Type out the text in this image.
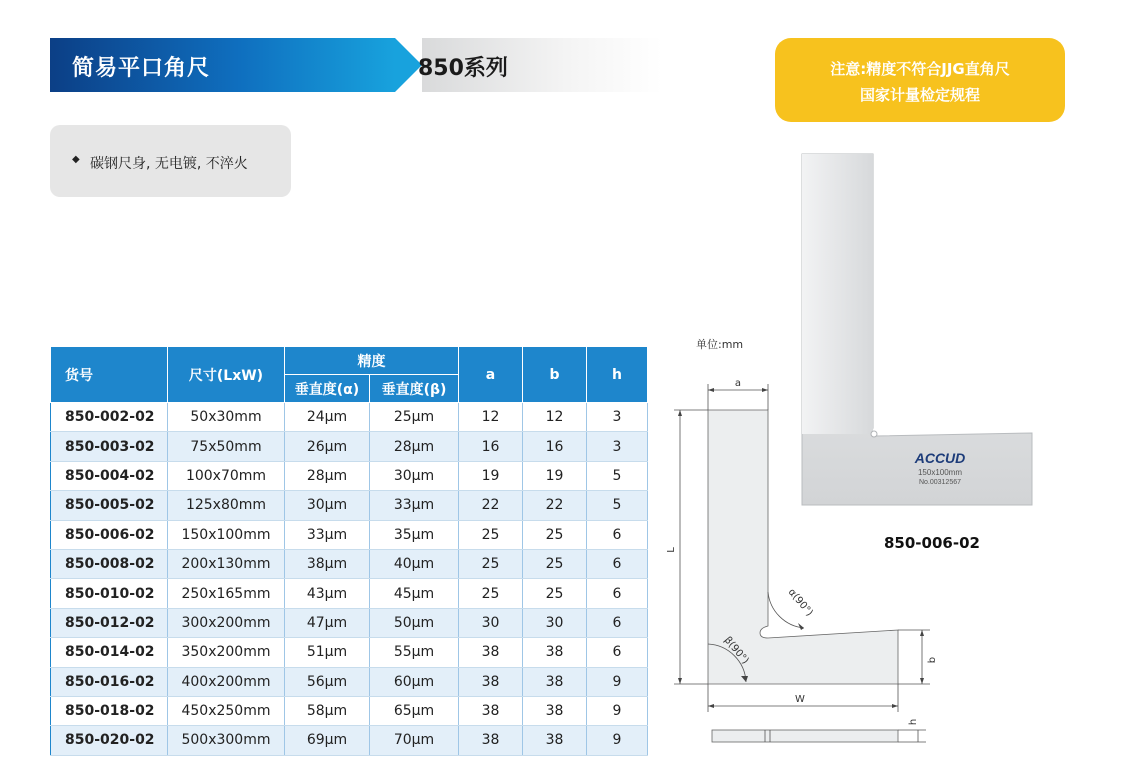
简易平口角尺	850系列	注意:精度不符合JJG直角尺
国家计量检定规程
◆ 碳钢尺身, 无电镀, 不淬火
货号	尺寸(LxW)	精度		a	b	h
		垂直度(α)	垂直度(β)			
850-002-02	50x30mm	24μm	25μm	12	12	3
850-003-02	75x50mm	26μm	28μm	16	16	3
850-004-02	100x70mm	28μm	30μm	19	19	5
850-005-02	125x80mm	30μm	33μm	22	22	5
850-006-02	150x100mm	33μm	35μm	25	25	6
850-008-02	200x130mm	38μm	40μm	25	25	6
850-010-02	250x165mm	43μm	45μm	25	25	6
850-012-02	300x200mm	47μm	50μm	30	30	6
850-014-02	350x200mm	51μm	55μm	38	38	6
850-016-02	400x200mm	56μm	60μm	38	38	9
850-018-02	450x250mm	58μm	65μm	38	38	9
850-020-02	500x300mm	69μm	70μm	38	38	9
单位:mm
ACCUD
150x100mm
No.00312567
850-006-02
a
L
W
b
h
α(90°)
β(90°)
